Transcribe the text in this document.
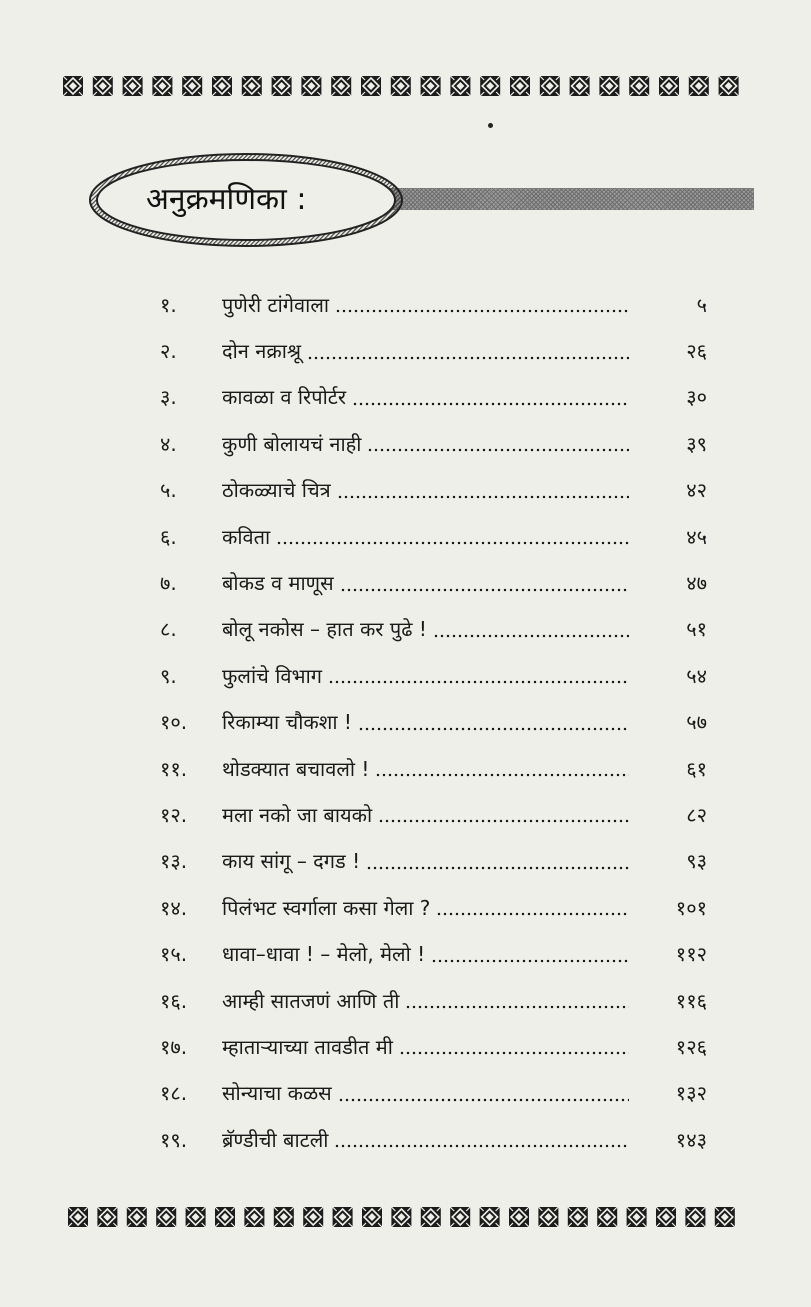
अनुक्रमणिका :
१.	पुणेरी टांगेवाला	५
२.	दोन नक्राश्रू	२६
३.	कावळा व रिपोर्टर	३०
४.	कुणी बोलायचं नाही	३९
५.	ठोकळ्याचे चित्र	४२
६.	कविता	४५
७.	बोकड व माणूस	४७
८.	बोलू नकोस – हात कर पुढे !	५१
९.	फुलांचे विभाग	५४
१०.	रिकाम्या चौकशा !	५७
११.	थोडक्यात बचावलो !	६१
१२.	मला नको जा बायको	८२
१३.	काय सांगू – दगड !	९३
१४.	पिलंभट स्वर्गाला कसा गेला ?	१०१
१५.	धावा–धावा ! – मेलो, मेलो !	११२
१६.	आम्ही सातजणं आणि ती	११६
१७.	म्हाताऱ्याच्या तावडीत मी	१२६
१८.	सोन्याचा कळस	१३२
१९.	ब्रॅण्डीची बाटली	१४३
